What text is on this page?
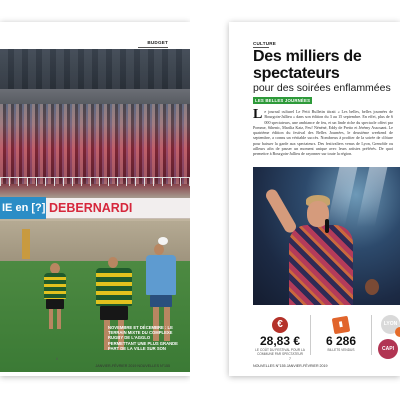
BUDGET
IE en [?] DEBERNARDI
NOVEMBRE ET DÉCEMBRE : LE TERRAIN MIXTE DU COMPLEXE RUGBY DE L'AGGLO PERMETTANT UNE PLUS GRANDE PART DE LA VILLE SUR SON
6
JANVIER-FÉVRIER 2019 NOUVELLES N°155
CULTURE
Des milliers de spectateurs
pour des soirées enflammées
LES BELLES JOURNÉES
L e journal culturel Le Petit Bulletin titrait « Les belles, belles journées de Bourgoin-Jallieu » dans son édition du 3 au 15 septembre. En effet, plus de 6 000 spectateurs, une ambiance de feu, et un linde riche du spectacle offert par Pomme, Sthenic, Marilia Katz, Feu! Nénéné, Eddy de Pretto et Jérémy Assouant. Le quatrième édition du festival des Belles Journées, le deuxième weekend de septembre, a connu un véritable succès. Nombreux à profiter de la soirée de clôture pour baisser la garde aux spectateurs. Des festivaliers venus de Lyon, Grenoble ou ailleurs afin de passer un moment unique avec leurs artistes préférés. De quoi permettre à Bourgoin-Jallieu de rayonner sur toute la région.
€
28,83 €
LE COÛT DU FESTIVAL POUR LA COMMUNE PAR SPECTATEUR
▮
6 286
BILLETS VENDUS
LYON
CAPI
7
NOUVELLES N°155 JANVIER-FÉVRIER 2019
